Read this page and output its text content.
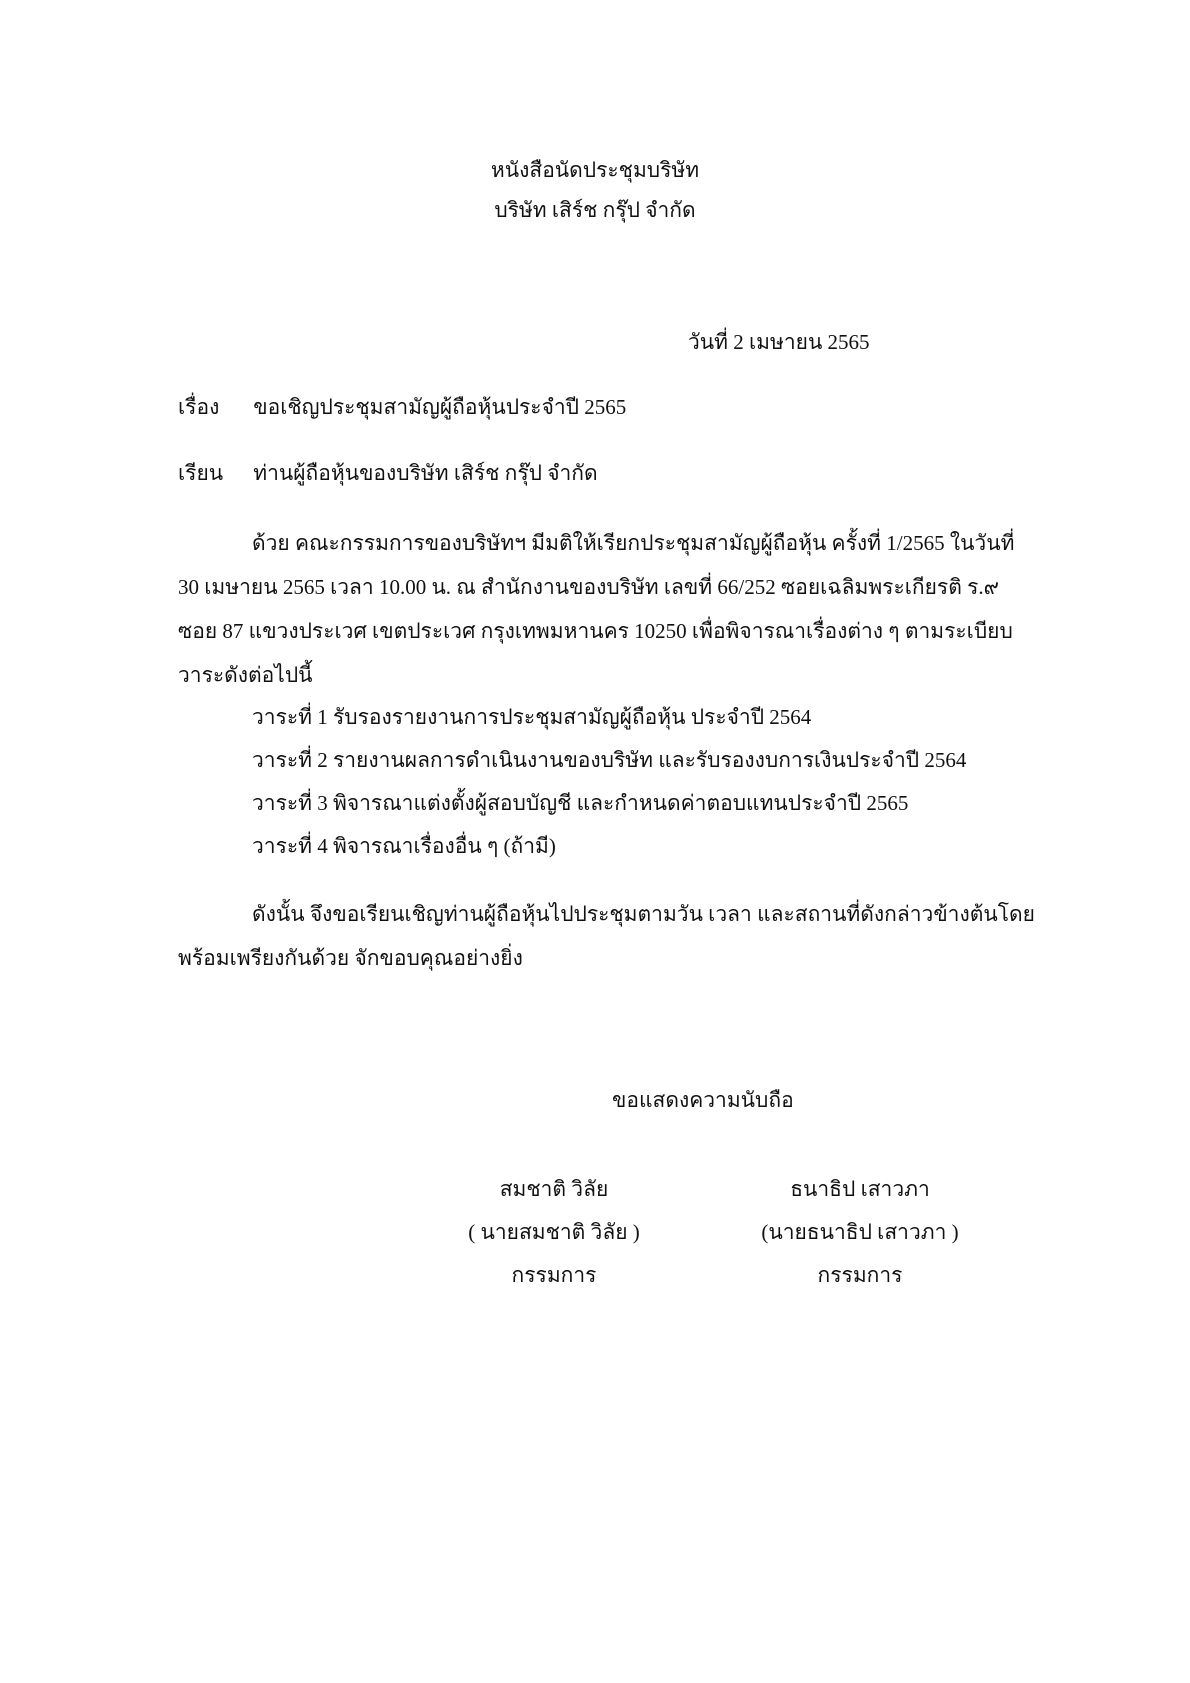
หนังสือนัดประชุมบริษัท
บริษัท เสิร์ช กรุ๊ป จำกัด
วันที่ 2 เมษายน 2565
เรื่อง ขอเชิญประชุมสามัญผู้ถือหุ้นประจำปี 2565
เรียน ท่านผู้ถือหุ้นของบริษัท เสิร์ช กรุ๊ป จำกัด
ด้วย คณะกรรมการของบริษัทฯ มีมติให้เรียกประชุมสามัญผู้ถือหุ้น ครั้งที่ 1/2565 ในวันที่
30 เมษายน 2565 เวลา 10.00 น. ณ สำนักงานของบริษัท เลขที่ 66/252 ซอยเฉลิมพระเกียรติ ร.๙
ซอย 87 แขวงประเวศ เขตประเวศ กรุงเทพมหานคร 10250 เพื่อพิจารณาเรื่องต่าง ๆ ตามระเบียบ
วาระดังต่อไปนี้
วาระที่ 1 รับรองรายงานการประชุมสามัญผู้ถือหุ้น ประจำปี 2564
วาระที่ 2 รายงานผลการดำเนินงานของบริษัท และรับรองงบการเงินประจำปี 2564
วาระที่ 3 พิจารณาแต่งตั้งผู้สอบบัญชี และกำหนดค่าตอบแทนประจำปี 2565
วาระที่ 4 พิจารณาเรื่องอื่น ๆ (ถ้ามี)
ดังนั้น จึงขอเรียนเชิญท่านผู้ถือหุ้นไปประชุมตามวัน เวลา และสถานที่ดังกล่าวข้างต้นโดย
พร้อมเพรียงกันด้วย จักขอบคุณอย่างยิ่ง
ขอแสดงความนับถือ
สมชาติ วิลัย
( นายสมชาติ วิลัย )
กรรมการ
ธนาธิป เสาวภา
(นายธนาธิป เสาวภา )
กรรมการ
